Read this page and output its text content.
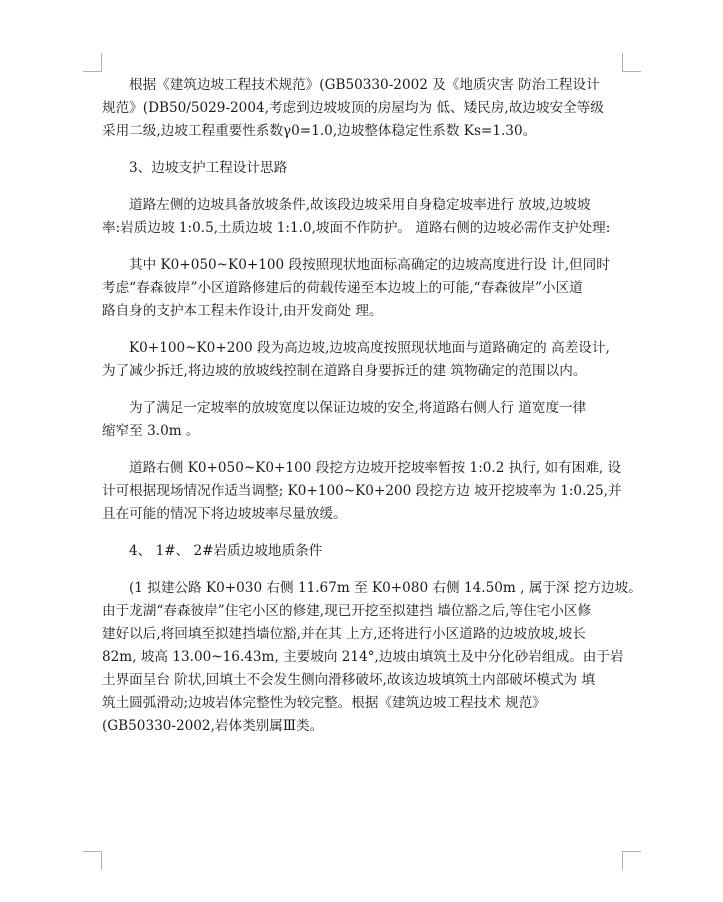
根据《建筑边坡工程技术规范》(GB50330-2002 及《地质灾害 防治工程设计
规范》(DB50/5029-2004,考虑到边坡坡顶的房屋均为 低、矮民房,故边坡安全等级
采用二级,边坡工程重要性系数γ0=1.0,边坡整体稳定性系数 Ks=1.30。

3、边坡支护工程设计思路

道路左侧的边坡具备放坡条件,故该段边坡采用自身稳定坡率进行 放坡,边坡坡
率:岩质边坡 1:0.5,土质边坡 1:1.0,坡面不作防护。 道路右侧的边坡必需作支护处理:

其中 K0+050~K0+100 段按照现状地面标高确定的边坡高度进行设 计,但同时
考虑“春森彼岸”小区道路修建后的荷载传递至本边坡上的可能,“春森彼岸”小区道
路自身的支护本工程未作设计,由开发商处 理。

K0+100~K0+200 段为高边坡,边坡高度按照现状地面与道路确定的 高差设计,
为了减少拆迁,将边坡的放坡线控制在道路自身要拆迁的建 筑物确定的范围以内。

为了满足一定坡率的放坡宽度以保证边坡的安全,将道路右侧人行 道宽度一律
缩窄至 3.0m 。

道路右侧 K0+050~K0+100 段挖方边坡开挖坡率暂按 1:0.2 执行, 如有困难, 设
计可根据现场情况作适当调整; K0+100~K0+200 段挖方边 坡开挖坡率为 1:0.25,并
且在可能的情况下将边坡坡率尽量放缓。

4、 1#、 2#岩质边坡地质条件

(1 拟建公路 K0+030 右侧 11.67m 至 K0+080 右侧 14.50m , 属于深 挖方边坡。
由于龙湖“春森彼岸”住宅小区的修建,现已开挖至拟建挡 墙位豁之后,等住宅小区修
建好以后,将回填至拟建挡墙位豁,并在其 上方,还将进行小区道路的边坡放坡,坡长
82m, 坡高 13.00~16.43m, 主要坡向 214°,边坡由填筑土及中分化砂岩组成。由于岩
土界面呈台 阶状,回填土不会发生侧向滑移破坏,故该边坡填筑土内部破坏模式为 填
筑土圆弧滑动;边坡岩体完整性为较完整。根据《建筑边坡工程技术 规范》
(GB50330-2002,岩体类别属Ⅲ类。
